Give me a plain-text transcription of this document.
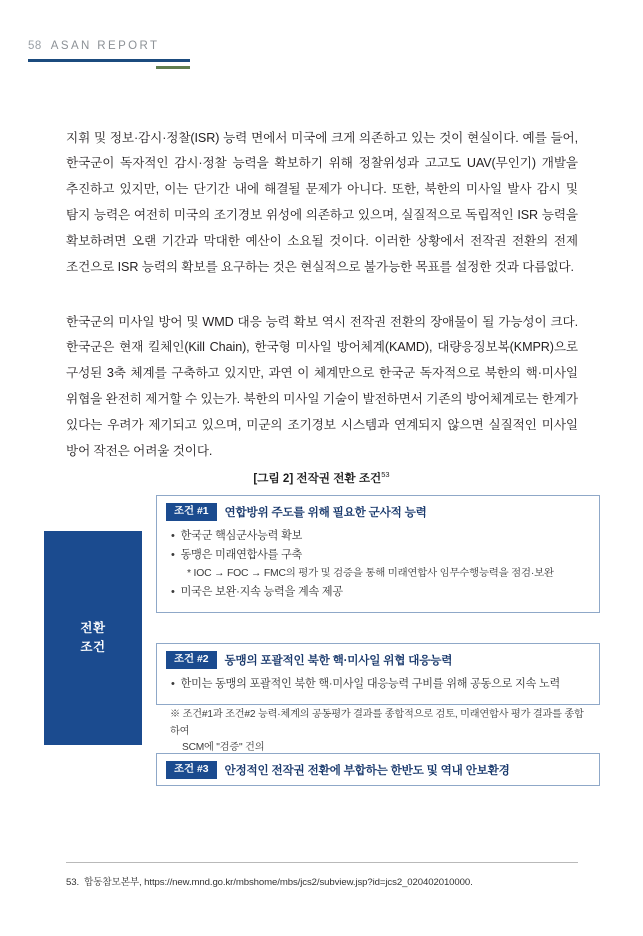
58 ASAN REPORT

지휘 및 정보·감시·정찰(ISR) 능력 면에서 미국에 크게 의존하고 있는 것이 현실이다. 예를 들어, 한국군이 독자적인 감시·정찰 능력을 확보하기 위해 정찰위성과 고고도 UAV(무인기) 개발을 추진하고 있지만, 이는 단기간 내에 해결될 문제가 아니다. 또한, 북한의 미사일 발사 감시 및 탐지 능력은 여전히 미국의 조기경보 위성에 의존하고 있으며, 실질적으로 독립적인 ISR 능력을 확보하려면 오랜 기간과 막대한 예산이 소요될 것이다. 이러한 상황에서 전작권 전환의 전제 조건으로 ISR 능력의 확보를 요구하는 것은 현실적으로 불가능한 목표를 설정한 것과 다름없다.

한국군의 미사일 방어 및 WMD 대응 능력 확보 역시 전작권 전환의 장애물이 될 가능성이 크다. 한국군은 현재 킬체인(Kill Chain), 한국형 미사일 방어체계(KAMD), 대량응징보복(KMPR)으로 구성된 3축 체계를 구축하고 있지만, 과연 이 체계만으로 한국군 독자적으로 북한의 핵·미사일 위협을 완전히 제거할 수 있는가. 북한의 미사일 기술이 발전하면서 기존의 방어체계로는 한계가 있다는 우려가 제기되고 있으며, 미군의 조기경보 시스템과 연계되지 않으면 실질적인 미사일 방어 작전은 어려울 것이다.

[그림 2] 전작권 전환 조건$^{53}$
전환
조건
조건 #1	연합방위 주도를 위해 필요한 군사적 능력
• 한국군 핵심군사능력 확보
• 동맹은 미래연합사를 구축
* IOC → FOC → FMC의 평가 및 검증을 통해 미래연합사 임무수행능력을 점검·보완
• 미국은 보완·지속 능력을 계속 제공
조건 #2	동맹의 포괄적인 북한 핵·미사일 위협 대응능력
• 한미는 동맹의 포괄적인 북한 핵·미사일 대응능력 구비를 위해 공동으로 지속 노력
※ 조건#1과 조건#2 능력·체계의 공동평가 결과를 종합적으로 검토, 미래연합사 평가 결과를 종합하여
SCM에 "검증" 건의
조건 #3	안정적인 전작권 전환에 부합하는 한반도 및 역내 안보환경
53. 합동참모본부, https://new.mnd.go.kr/mbshome/mbs/jcs2/subview.jsp?id=jcs2_020402010000.
